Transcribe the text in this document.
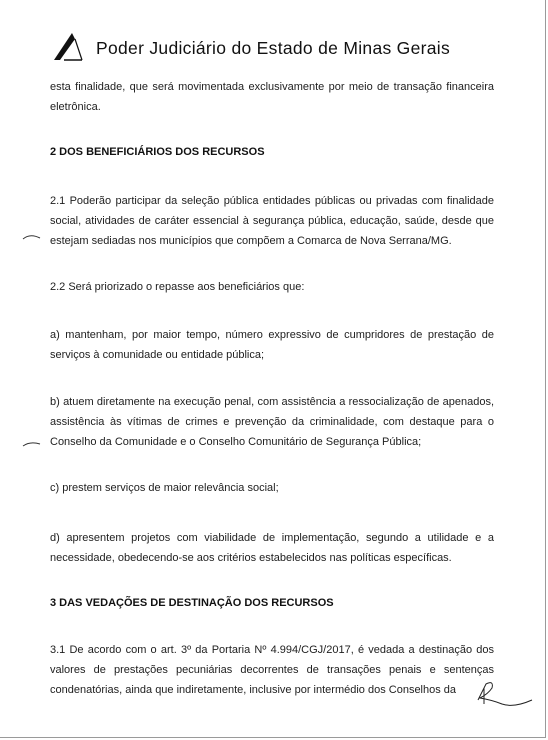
Poder Judiciário do Estado de Minas Gerais
esta finalidade, que será movimentada exclusivamente por meio de transação financeira eletrônica.
2 DOS BENEFICIÁRIOS DOS RECURSOS
2.1 Poderão participar da seleção pública entidades públicas ou privadas com finalidade social, atividades de caráter essencial à segurança pública, educação, saúde, desde que estejam sediadas nos municípios que compõem a Comarca de Nova Serrana/MG.
2.2 Será priorizado o repasse aos beneficiários que:
a) mantenham, por maior tempo, número expressivo de cumpridores de prestação de serviços à comunidade ou entidade pública;
b) atuem diretamente na execução penal, com assistência a ressocialização de apenados, assistência às vítimas de crimes e prevenção da criminalidade, com destaque para o Conselho da Comunidade e o Conselho Comunitário de Segurança Pública;
c) prestem serviços de maior relevância social;
d) apresentem projetos com viabilidade de implementação, segundo a utilidade e a necessidade, obedecendo-se aos critérios estabelecidos nas políticas específicas.
3 DAS VEDAÇÕES DE DESTINAÇÃO DOS RECURSOS
3.1 De acordo com o art. 3º da Portaria Nº 4.994/CGJ/2017, é vedada a destinação dos valores de prestações pecuniárias decorrentes de transações penais e sentenças condenatórias, ainda que indiretamente, inclusive por intermédio dos Conselhos da
